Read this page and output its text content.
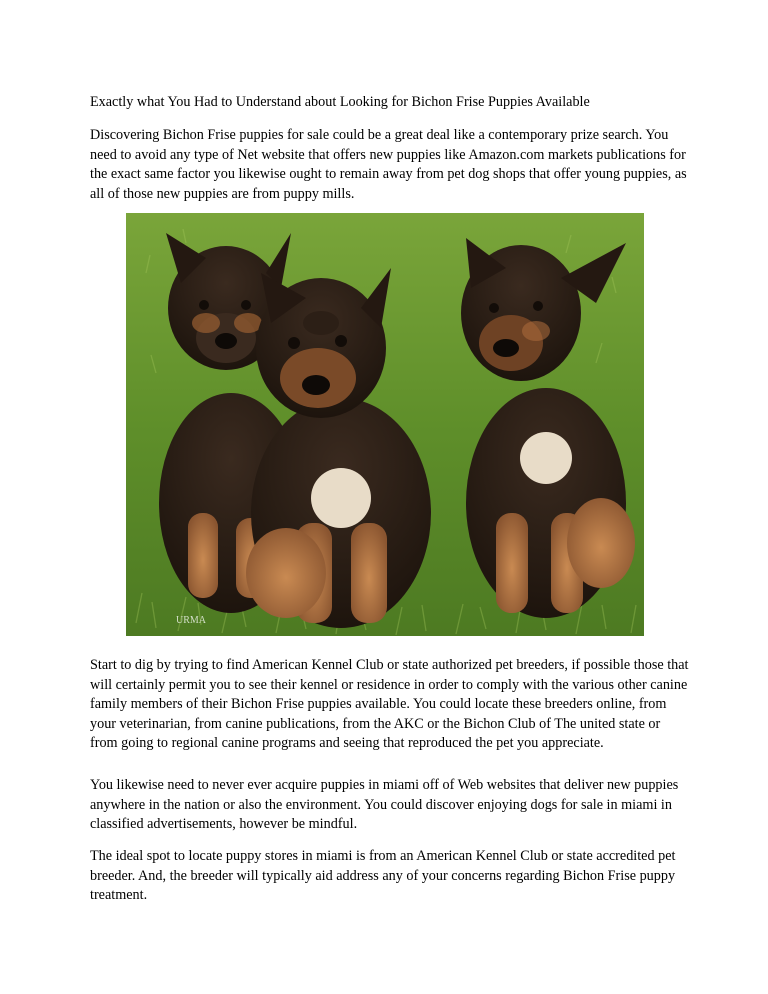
Exactly what You Had to Understand about Looking for Bichon Frise Puppies Available

Discovering Bichon Frise puppies for sale could be a great deal like a contemporary prize search. You need to avoid any type of Net website that offers new puppies like Amazon.com markets publications for the exact same factor you likewise ought to remain away from pet dog shops that offer young puppies, as all of those new puppies are from puppy mills.

URMA

Start to dig by trying to find American Kennel Club or state authorized pet breeders, if possible those that will certainly permit you to see their kennel or residence in order to comply with the various other canine family members of their Bichon Frise puppies available. You could locate these breeders online, from your veterinarian, from canine publications, from the AKC or the Bichon Club of The united state or from going to regional canine programs and seeing that reproduced the pet you appreciate.

You likewise need to never ever acquire puppies in miami off of Web websites that deliver new puppies anywhere in the nation or also the environment. You could discover enjoying dogs for sale in miami in classified advertisements, however be mindful.

The ideal spot to locate puppy stores in miami is from an American Kennel Club or state accredited pet breeder. And, the breeder will typically aid address any of your concerns regarding Bichon Frise puppy treatment.
